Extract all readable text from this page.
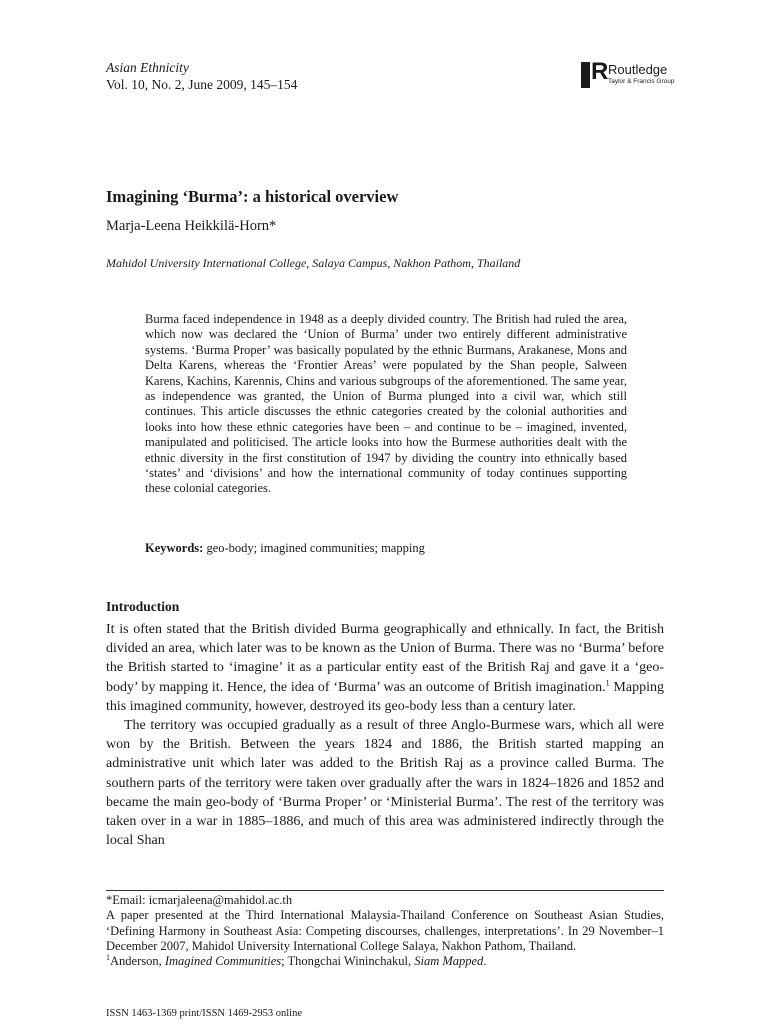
Asian Ethnicity
Vol. 10, No. 2, June 2009, 145–154	R Routledge
Taylor & Francis Group
Imagining ‘Burma’: a historical overview
Marja-Leena Heikkilä-Horn*
Mahidol University International College, Salaya Campus, Nakhon Pathom, Thailand

Burma faced independence in 1948 as a deeply divided country. The British had ruled the area, which now was declared the ‘Union of Burma’ under two entirely different administrative systems. ‘Burma Proper’ was basically populated by the ethnic Burmans, Arakanese, Mons and Delta Karens, whereas the ‘Frontier Areas’ were populated by the Shan people, Salween Karens, Kachins, Karennis, Chins and various subgroups of the aforementioned. The same year, as independence was granted, the Union of Burma plunged into a civil war, which still continues. This article discusses the ethnic categories created by the colonial authorities and looks into how these ethnic categories have been – and continue to be – imagined, invented, manipulated and politicised. The article looks into how the Burmese authorities dealt with the ethnic diversity in the first constitution of 1947 by dividing the country into ethnically based ‘states’ and ‘divisions’ and how the international community of today continues supporting these colonial categories.

Keywords: geo-body; imagined communities; mapping
Introduction

It is often stated that the British divided Burma geographically and ethnically. In fact, the British divided an area, which later was to be known as the Union of Burma. There was no ‘Burma’ before the British started to ‘imagine’ it as a particular entity east of the British Raj and gave it a ‘geo-body’ by mapping it. Hence, the idea of ‘Burma’ was an outcome of British imagination.$^1$ Mapping this imagined community, however, destroyed its geo-body less than a century later.

The territory was occupied gradually as a result of three Anglo-Burmese wars, which all were won by the British. Between the years 1824 and 1886, the British started mapping an administrative unit which later was added to the British Raj as a province called Burma. The southern parts of the territory were taken over gradually after the wars in 1824–1826 and 1852 and became the main geo-body of ‘Burma Proper’ or ‘Ministerial Burma’. The rest of the territory was taken over in a war in 1885–1886, and much of this area was administered indirectly through the local Shan

*Email: icmarjaleena@mahidol.ac.th
A paper presented at the Third International Malaysia-Thailand Conference on Southeast Asian Studies, ‘Defining Harmony in Southeast Asia: Competing discourses, challenges, interpretations’. In 29 November–1 December 2007, Mahidol University International College Salaya, Nakhon Pathom, Thailand.
$^1$Anderson, Imagined Communities; Thongchai Wininchakul, Siam Mapped.
ISSN 1463-1369 print/ISSN 1469-2953 online
